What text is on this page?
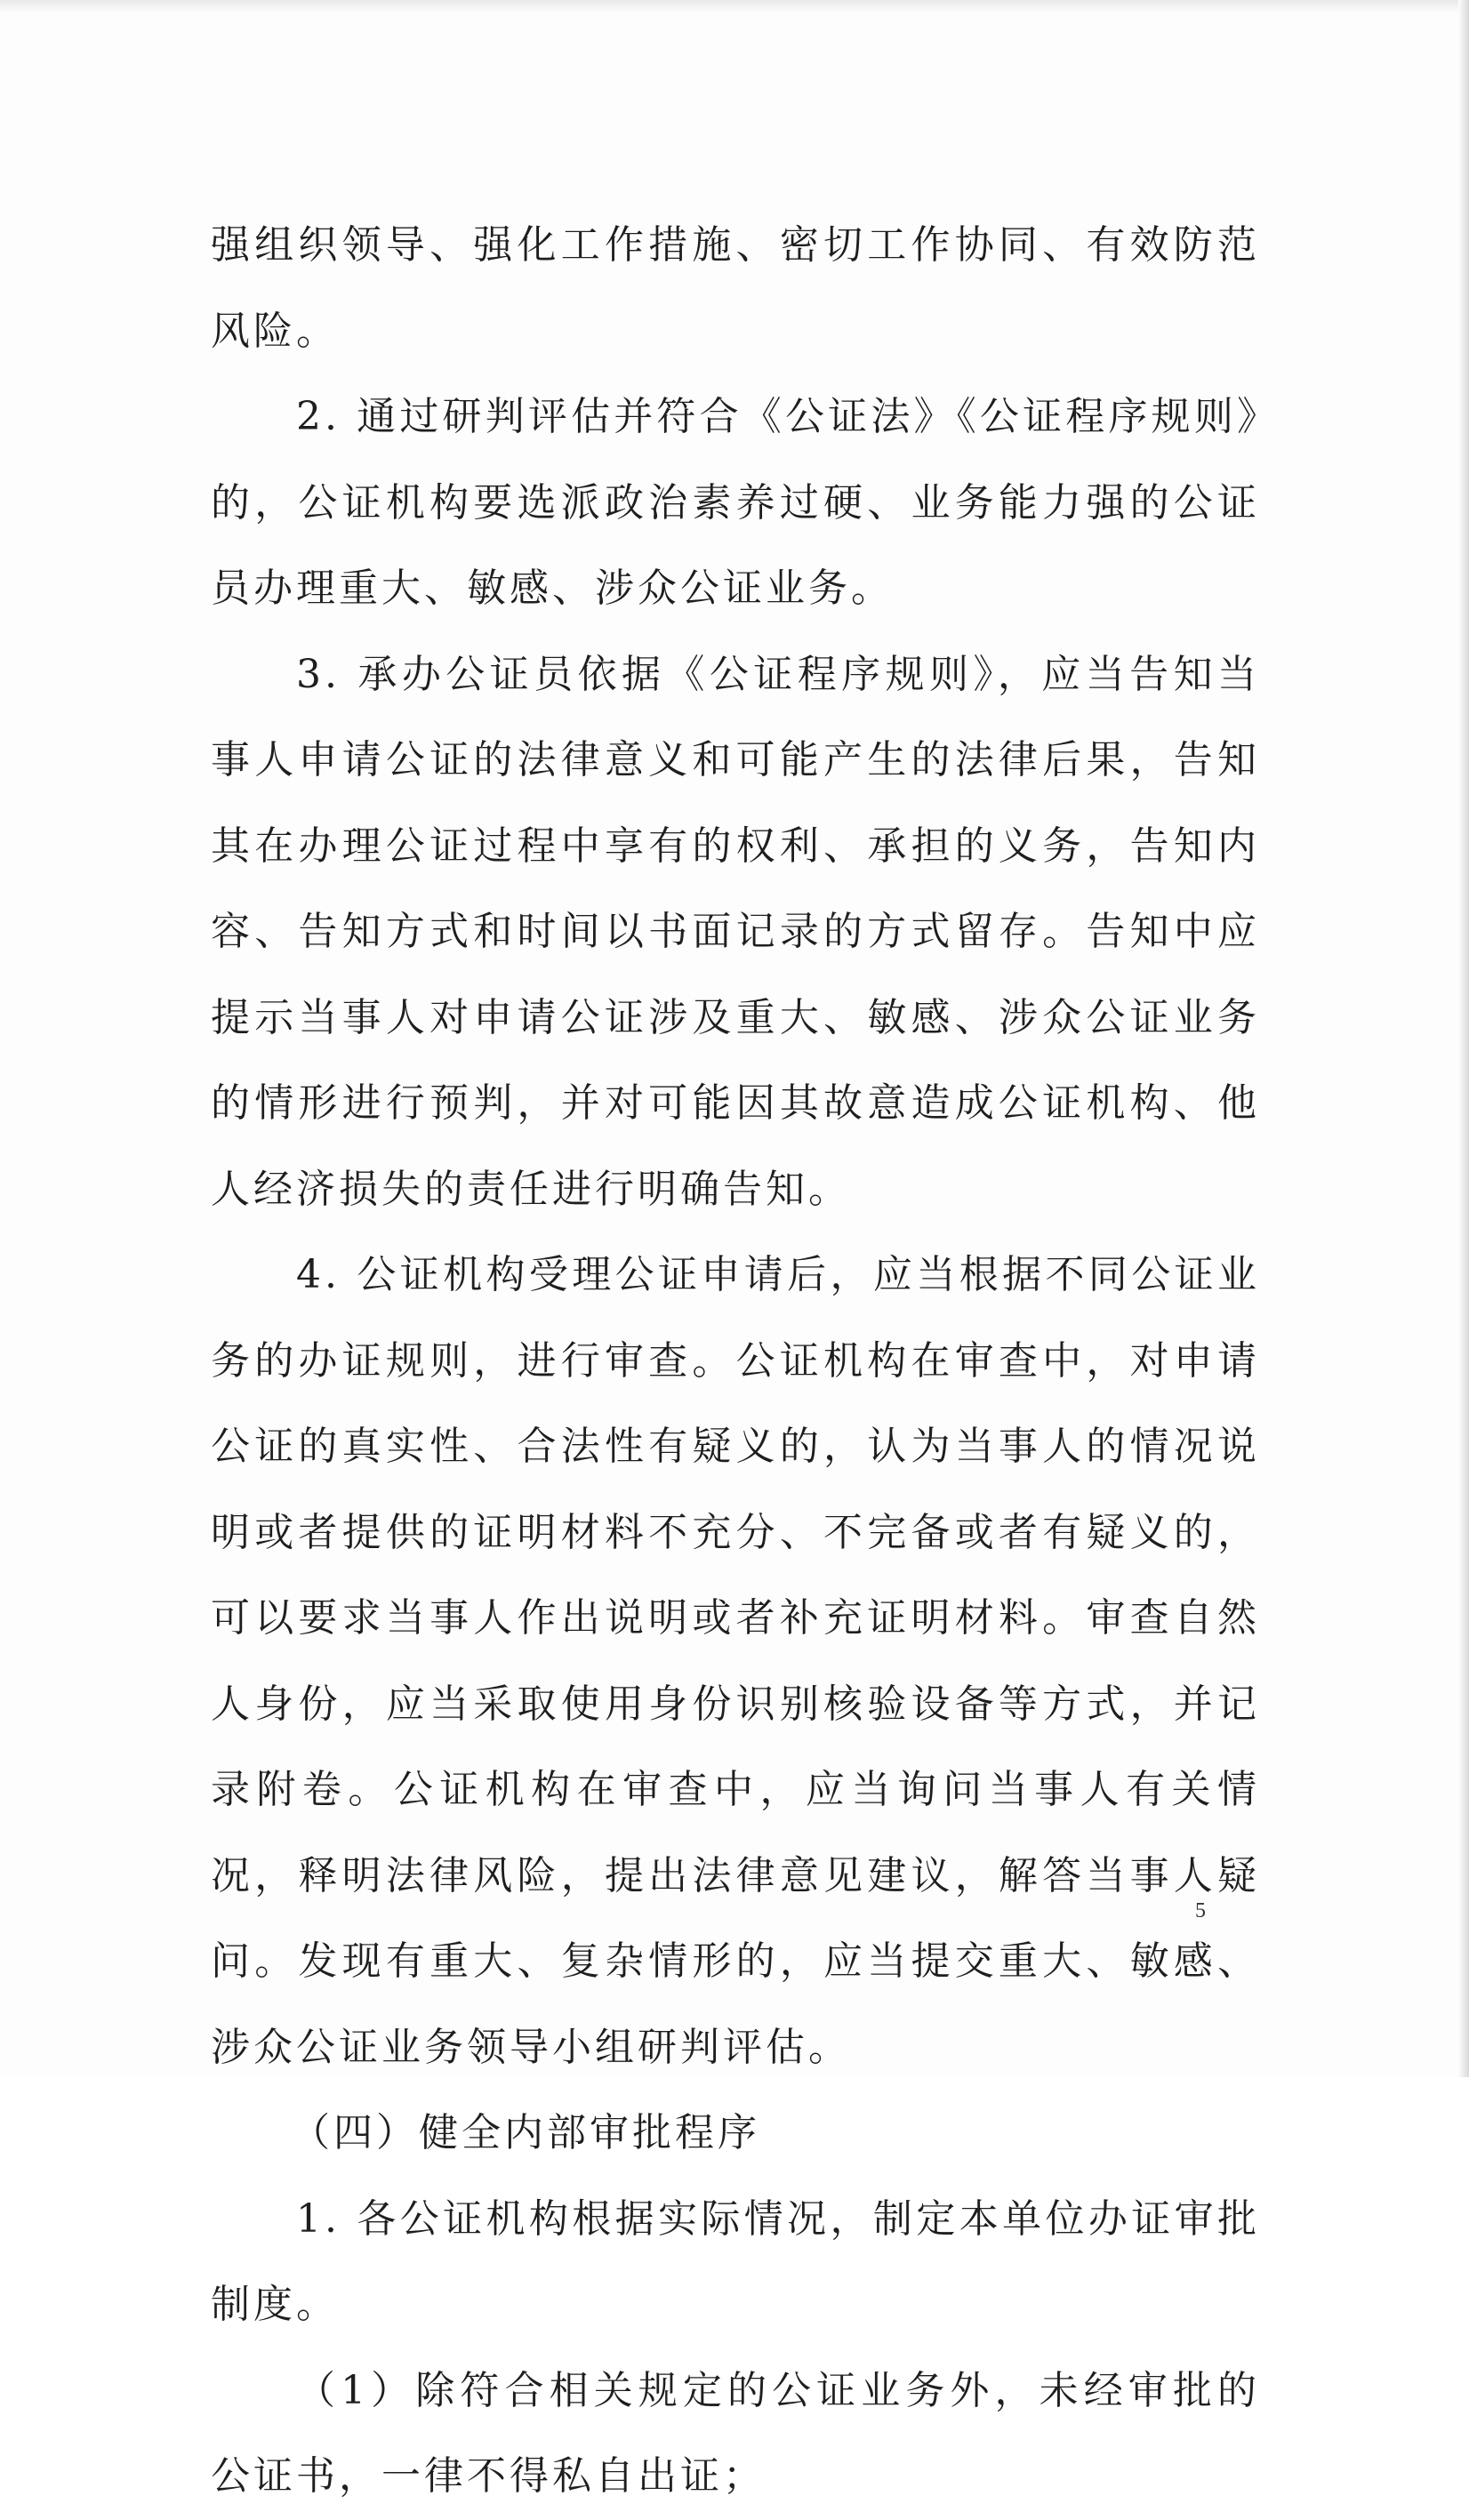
强组织领导、强化工作措施、密切工作协同、有效防范风险。

2. 通过研判评估并符合《公证法》《公证程序规则》的，公证机构要选派政治素养过硬、业务能力强的公证员办理重大、敏感、涉众公证业务。

3. 承办公证员依据《公证程序规则》，应当告知当事人申请公证的法律意义和可能产生的法律后果，告知其在办理公证过程中享有的权利、承担的义务，告知内容、告知方式和时间以书面记录的方式留存。告知中应提示当事人对申请公证涉及重大、敏感、涉众公证业务的情形进行预判，并对可能因其故意造成公证机构、他人经济损失的责任进行明确告知。

4. 公证机构受理公证申请后，应当根据不同公证业务的办证规则，进行审查。公证机构在审查中，对申请公证的真实性、合法性有疑义的，认为当事人的情况说明或者提供的证明材料不充分、不完备或者有疑义的，可以要求当事人作出说明或者补充证明材料。审查自然人身份，应当采取使用身份识别核验设备等方式，并记录附卷。公证机构在审查中，应当询问当事人有关情况，释明法律风险，提出法律意见建议，解答当事人疑问。发现有重大、复杂情形的，应当提交重大、敏感、涉众公证业务领导小组研判评估。

（四）健全内部审批程序

1. 各公证机构根据实际情况，制定本单位办证审批制度。

（1）除符合相关规定的公证业务外，未经审批的公证书，一律不得私自出证；

5
